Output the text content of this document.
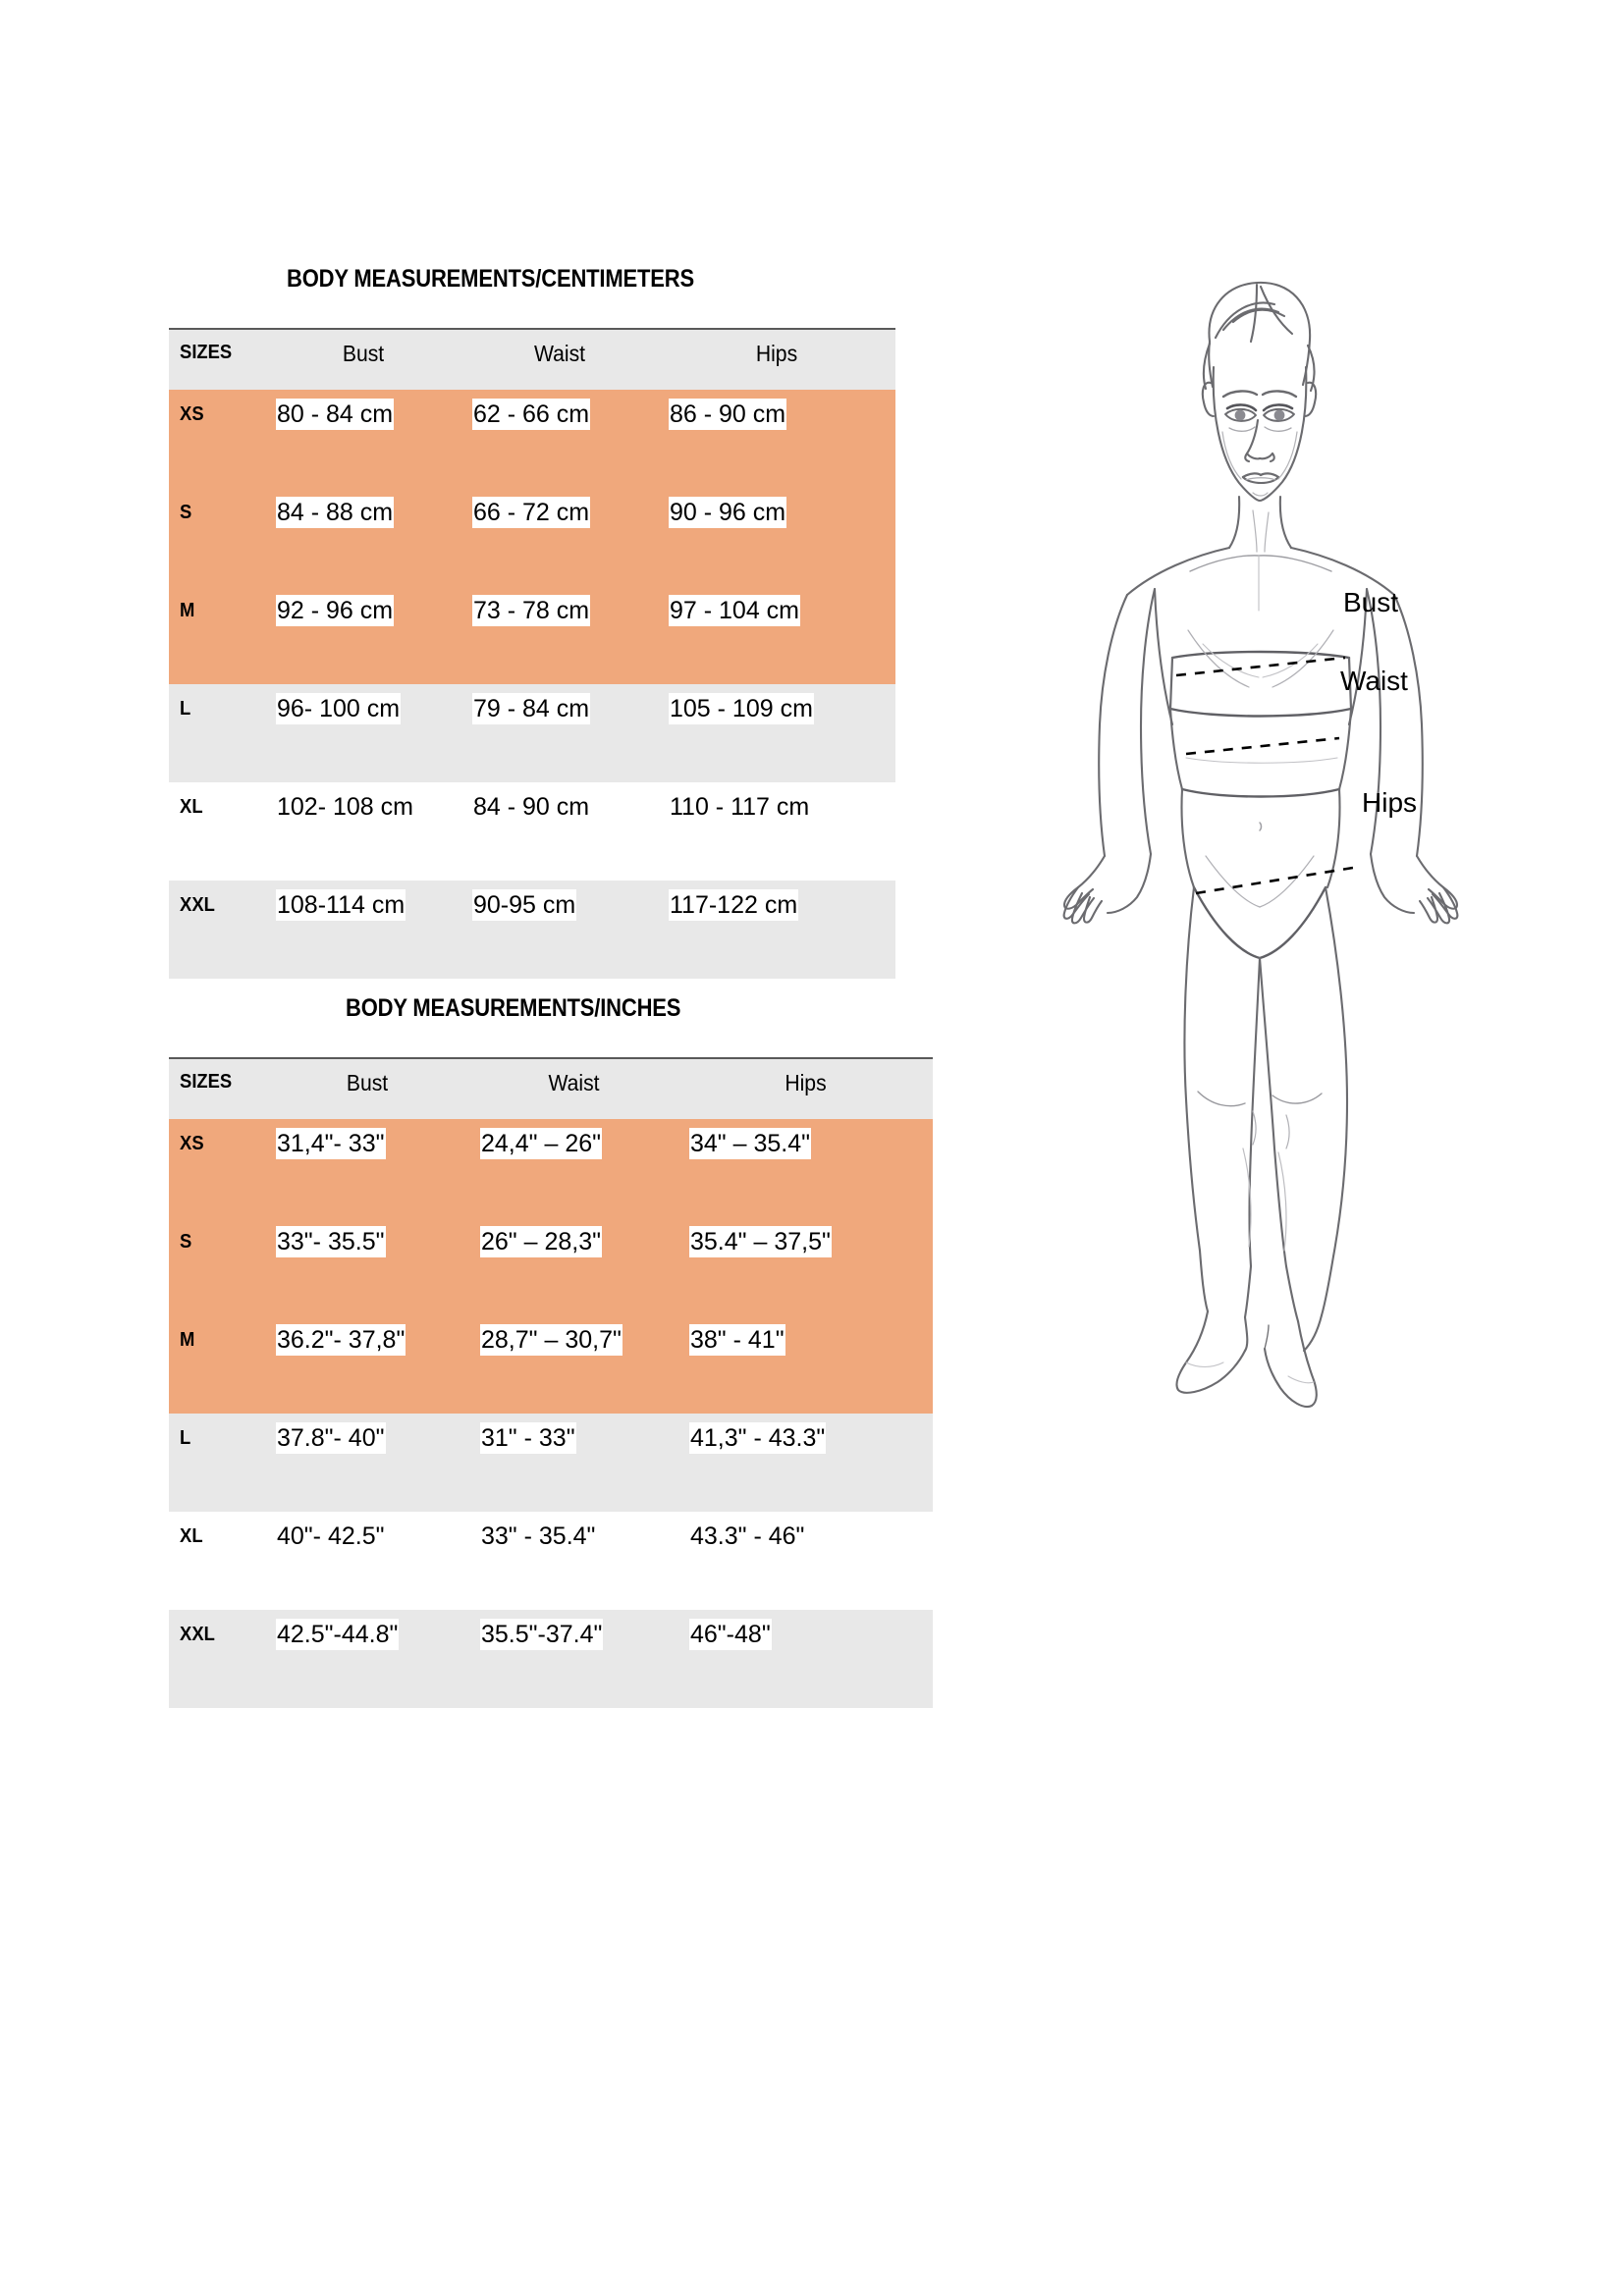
BODY MEASUREMENTS/CENTIMETERS
SIZES	Bust	Waist	Hips

XS	80 - 84 cm	62 - 66 cm	86 - 90 cm

S	84 - 88 cm	66 - 72 cm	90 - 96 cm

M	92 - 96 cm	73 - 78 cm	97 - 104 cm

L	96- 100 cm	79 - 84 cm	105 - 109 cm

XL	102- 108 cm	84 - 90 cm	110 - 117 cm

XXL	108-114 cm	90-95 cm	117-122 cm
BODY MEASUREMENTS/INCHES
SIZES	Bust	Waist	Hips

XS	31,4"- 33"	24,4" – 26"	34" – 35.4"

S	33"- 35.5"	26" – 28,3"	35.4" – 37,5"

M	36.2"- 37,8"	28,7" – 30,7"	38" - 41"

L	37.8"- 40"	31" - 33"	41,3" - 43.3"

XL	40"- 42.5"	33" - 35.4"	43.3" - 46"

XXL	42.5"-44.8"	35.5"-37.4"	46"-48"
Bust
Waist
Hips
